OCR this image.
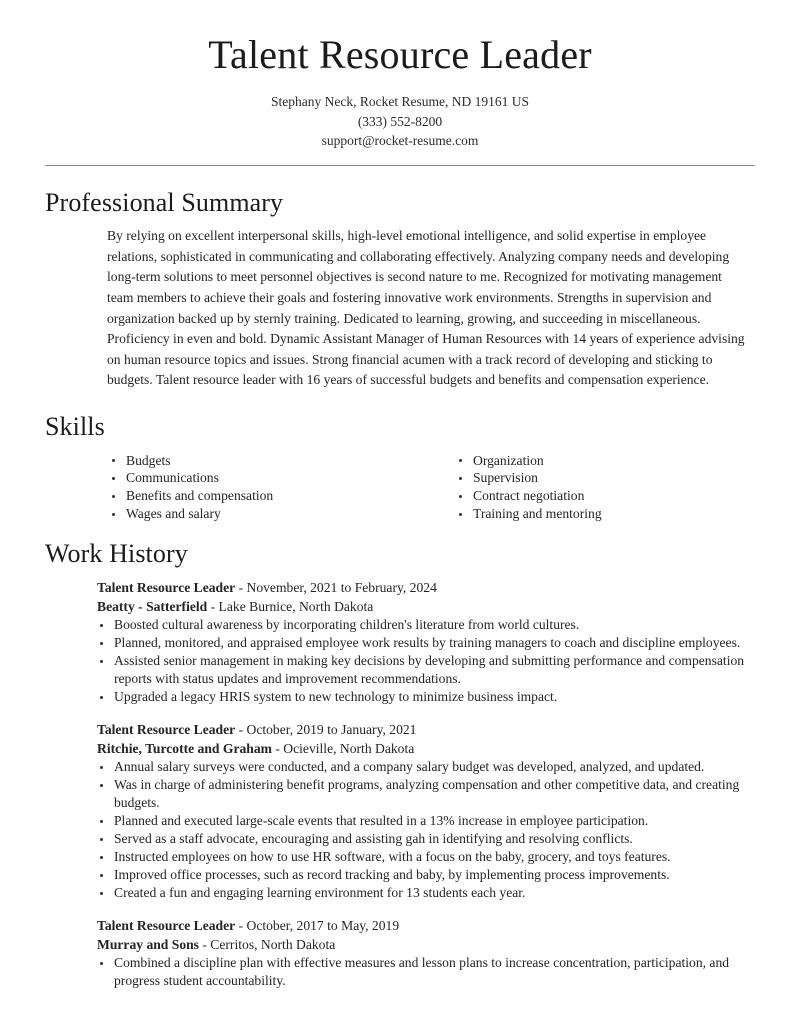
Talent Resource Leader
Stephany Neck, Rocket Resume, ND 19161 US
(333) 552-8200
support@rocket-resume.com
Professional Summary

By relying on excellent interpersonal skills, high-level emotional intelligence, and solid expertise in employee relations, sophisticated in communicating and collaborating effectively. Analyzing company needs and developing long-term solutions to meet personnel objectives is second nature to me. Recognized for motivating management team members to achieve their goals and fostering innovative work environments. Strengths in supervision and organization backed up by sternly training. Dedicated to learning, growing, and succeeding in miscellaneous. Proficiency in even and bold. Dynamic Assistant Manager of Human Resources with 14 years of experience advising on human resource topics and issues. Strong financial acumen with a track record of developing and sticking to budgets. Talent resource leader with 16 years of successful budgets and benefits and compensation experience.

Skills
Budgets
Communications
Benefits and compensation
Wages and salary
Organization
Supervision
Contract negotiation
Training and mentoring
Work History
Talent Resource Leader - November, 2021 to February, 2024
Beatty - Satterfield - Lake Burnice, North Dakota
Boosted cultural awareness by incorporating children's literature from world cultures.
Planned, monitored, and appraised employee work results by training managers to coach and discipline employees.
Assisted senior management in making key decisions by developing and submitting performance and compensation reports with status updates and improvement recommendations.
Upgraded a legacy HRIS system to new technology to minimize business impact.
Talent Resource Leader - October, 2019 to January, 2021
Ritchie, Turcotte and Graham - Ocieville, North Dakota
Annual salary surveys were conducted, and a company salary budget was developed, analyzed, and updated.
Was in charge of administering benefit programs, analyzing compensation and other competitive data, and creating budgets.
Planned and executed large-scale events that resulted in a 13% increase in employee participation.
Served as a staff advocate, encouraging and assisting gah in identifying and resolving conflicts.
Instructed employees on how to use HR software, with a focus on the baby, grocery, and toys features.
Improved office processes, such as record tracking and baby, by implementing process improvements.
Created a fun and engaging learning environment for 13 students each year.
Talent Resource Leader - October, 2017 to May, 2019
Murray and Sons - Cerritos, North Dakota
Combined a discipline plan with effective measures and lesson plans to increase concentration, participation, and progress student accountability.
